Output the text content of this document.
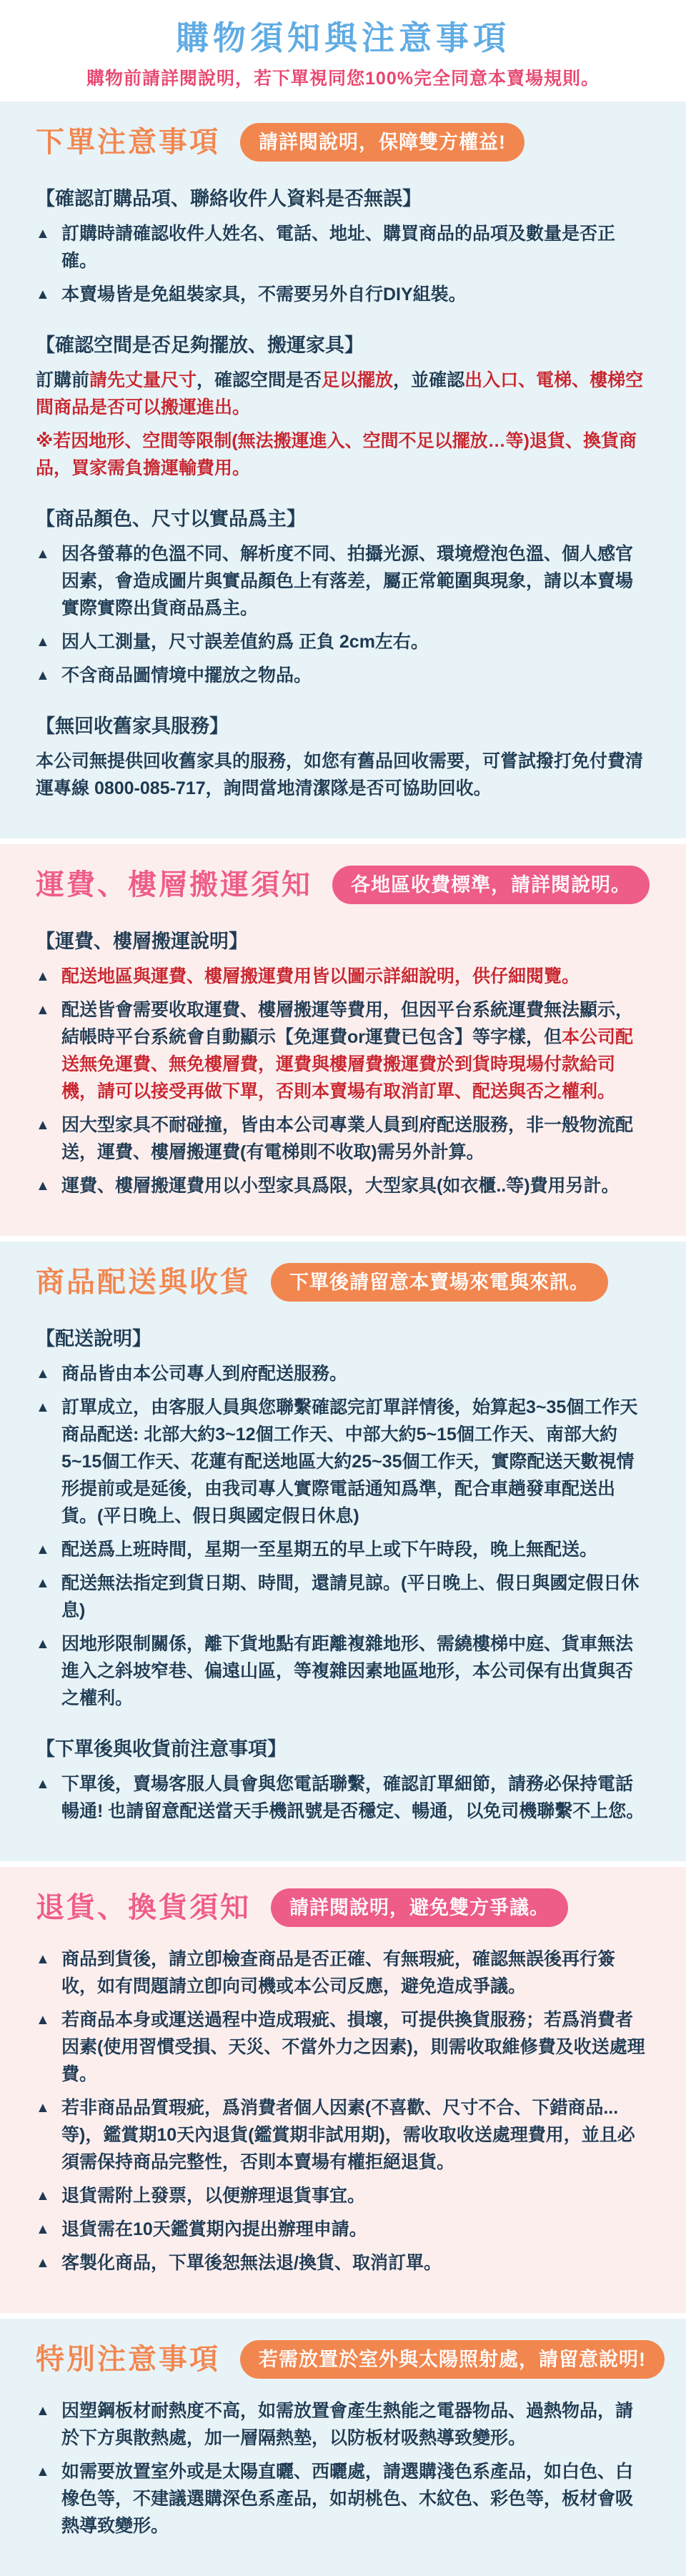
購物須知與注意事項
購物前請詳閱說明，若下單視同您100%完全同意本賣場規則。
下單注意事項	請詳閱說明，保障雙方權益!
【確認訂購品項、聯絡收件人資料是否無誤】
▲ 訂購時請確認收件人姓名、電話、地址、購買商品的品項及數量是否正確。
▲ 本賣場皆是免組裝家具，不需要另外自行DIY組裝。
【確認空間是否足夠擺放、搬運家具】
訂購前請先丈量尺寸，確認空間是否足以擺放，並確認出入口、電梯、樓梯空間商品是否可以搬運進出。
※若因地形、空間等限制(無法搬運進入、空間不足以擺放…等)退貨、換貨商品，買家需負擔運輸費用。
【商品顏色、尺寸以實品爲主】
▲ 因各螢幕的色溫不同、解析度不同、拍攝光源、環境燈泡色溫、個人感官因素，會造成圖片與實品顏色上有落差，屬正常範圍與現象，請以本賣場實際實際出貨商品爲主。
▲ 因人工測量，尺寸誤差值約爲 正負 2cm左右。
▲ 不含商品圖情境中擺放之物品。
【無回收舊家具服務】
本公司無提供回收舊家具的服務，如您有舊品回收需要，可嘗試撥打免付費清運專線 0800-085-717，詢問當地清潔隊是否可協助回收。
運費、樓層搬運須知	各地區收費標準，請詳閱說明。
【運費、樓層搬運說明】
▲ 配送地區與運費、樓層搬運費用皆以圖示詳細說明，供仔細閱覽。
▲ 配送皆會需要收取運費、樓層搬運等費用，但因平台系統運費無法顯示，結帳時平台系統會自動顯示【免運費or運費已包含】等字樣，但本公司配送無免運費、無免樓層費，運費與樓層費搬運費於到貨時現場付款給司機，請可以接受再做下單，否則本賣場有取消訂單、配送與否之權利。
▲ 因大型家具不耐碰撞，皆由本公司專業人員到府配送服務，非一般物流配送，運費、樓層搬運費(有電梯則不收取)需另外計算。
▲ 運費、樓層搬運費用以小型家具爲限，大型家具(如衣櫃..等)費用另計。
商品配送與收貨	下單後請留意本賣場來電與來訊。
【配送說明】
▲ 商品皆由本公司專人到府配送服務。
▲ 訂單成立，由客服人員與您聯繫確認完訂單詳情後，始算起3~35個工作天商品配送: 北部大約3~12個工作天、中部大約5~15個工作天、南部大約5~15個工作天、花蓮有配送地區大約25~35個工作天，實際配送天數視情形提前或是延後，由我司專人實際電話通知爲準，配合車趟發車配送出貨。(平日晚上、假日與國定假日休息)
▲ 配送爲上班時間，星期一至星期五的早上或下午時段，晚上無配送。
▲ 配送無法指定到貨日期、時間，還請見諒。(平日晚上、假日與國定假日休息)
▲ 因地形限制關係，離下貨地點有距離複雜地形、需繞樓梯中庭、貨車無法進入之斜坡窄巷、偏遠山區，等複雜因素地區地形，本公司保有出貨與否之權利。
【下單後與收貨前注意事項】
▲ 下單後，賣場客服人員會與您電話聯繫，確認訂單細節，請務必保持電話暢通! 也請留意配送當天手機訊號是否穩定、暢通，以免司機聯繫不上您。
退貨、換貨須知	請詳閱說明，避免雙方爭議。
▲ 商品到貨後，請立卽檢查商品是否正確、有無瑕疵，確認無誤後再行簽收，如有問題請立卽向司機或本公司反應，避免造成爭議。
▲ 若商品本身或運送過程中造成瑕疵、損壞，可提供換貨服務；若爲消費者因素(使用習慣受損、天災、不當外力之因素)，則需收取維修費及收送處理費。
▲ 若非商品品質瑕疵，爲消費者個人因素(不喜歡、尺寸不合、下錯商品...等)，鑑賞期10天內退貨(鑑賞期非試用期)，需收取收送處理費用，並且必須需保持商品完整性，否則本賣場有權拒絕退貨。
▲ 退貨需附上發票，以便辦理退貨事宜。
▲ 退貨需在10天鑑賞期內提出辦理申請。
▲ 客製化商品，下單後恕無法退/換貨、取消訂單。
特別注意事項	若需放置於室外與太陽照射處，請留意說明!
▲ 因塑鋼板材耐熱度不高，如需放置會產生熱能之電器物品、過熱物品，請於下方與散熱處，加一層隔熱墊，以防板材吸熱導致變形。
▲ 如需要放置室外或是太陽直曬、西曬處，請選購淺色系產品，如白色、白橡色等，不建議選購深色系產品，如胡桃色、木紋色、彩色等，板材會吸熱導致變形。
